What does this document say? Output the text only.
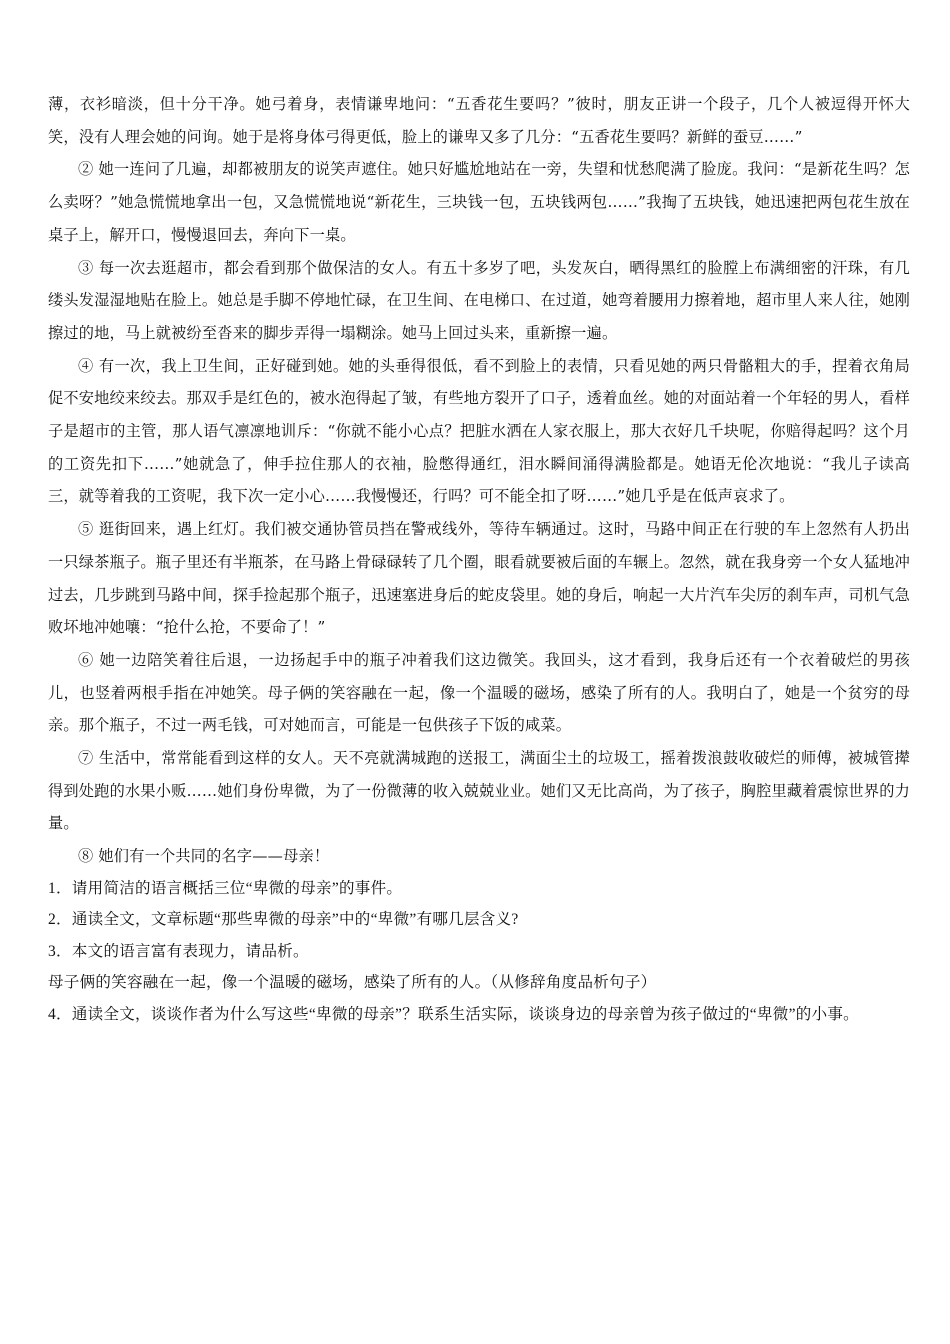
薄，衣衫暗淡，但十分干净。她弓着身，表情谦卑地问：“五香花生要吗？”彼时，朋友正讲一个段子，几个人被逗得开怀大笑，没有人理会她的问询。她于是将身体弓得更低，脸上的谦卑又多了几分：“五香花生要吗？新鲜的蚕豆……”

② 她一连问了几遍，却都被朋友的说笑声遮住。她只好尴尬地站在一旁，失望和忧愁爬满了脸庞。我问：“是新花生吗？怎么卖呀？”她急慌慌地拿出一包，又急慌慌地说“新花生，三块钱一包，五块钱两包……”我掏了五块钱，她迅速把两包花生放在桌子上，解开口，慢慢退回去，奔向下一桌。

③ 每一次去逛超市，都会看到那个做保洁的女人。有五十多岁了吧，头发灰白，晒得黑红的脸膛上布满细密的汗珠，有几缕头发湿湿地贴在脸上。她总是手脚不停地忙碌，在卫生间、在电梯口、在过道，她弯着腰用力擦着地，超市里人来人往，她刚擦过的地，马上就被纷至沓来的脚步弄得一塌糊涂。她马上回过头来，重新擦一遍。

④ 有一次，我上卫生间，正好碰到她。她的头垂得很低，看不到脸上的表情，只看见她的两只骨骼粗大的手，捏着衣角局促不安地绞来绞去。那双手是红色的，被水泡得起了皱，有些地方裂开了口子，透着血丝。她的对面站着一个年轻的男人，看样子是超市的主管，那人语气凛凛地训斥：“你就不能小心点？把脏水洒在人家衣服上，那大衣好几千块呢，你赔得起吗？这个月的工资先扣下……”她就急了，伸手拉住那人的衣袖，脸憋得通红，泪水瞬间涌得满脸都是。她语无伦次地说：“我儿子读高三，就等着我的工资呢，我下次一定小心……我慢慢还，行吗？可不能全扣了呀……”她几乎是在低声哀求了。

⑤ 逛街回来，遇上红灯。我们被交通协管员挡在警戒线外，等待车辆通过。这时，马路中间正在行驶的车上忽然有人扔出一只绿茶瓶子。瓶子里还有半瓶茶，在马路上骨碌碌转了几个圈，眼看就要被后面的车辗上。忽然，就在我身旁一个女人猛地冲过去，几步跳到马路中间，探手捡起那个瓶子，迅速塞进身后的蛇皮袋里。她的身后，响起一大片汽车尖厉的刹车声，司机气急败坏地冲她嚷：“抢什么抢，不要命了！”

⑥ 她一边陪笑着往后退，一边扬起手中的瓶子冲着我们这边微笑。我回头，这才看到，我身后还有一个衣着破烂的男孩儿，也竖着两根手指在冲她笑。母子俩的笑容融在一起，像一个温暖的磁场，感染了所有的人。我明白了，她是一个贫穷的母亲。那个瓶子，不过一两毛钱，可对她而言，可能是一包供孩子下饭的咸菜。

⑦ 生活中，常常能看到这样的女人。天不亮就满城跑的送报工，满面尘土的垃圾工，摇着拨浪鼓收破烂的师傅，被城管撵得到处跑的水果小贩……她们身份卑微，为了一份微薄的收入兢兢业业。她们又无比高尚，为了孩子，胸腔里藏着震惊世界的力量。

⑧ 她们有一个共同的名字——母亲！

1．请用简洁的语言概括三位“卑微的母亲”的事件。

2．通读全文，文章标题“那些卑微的母亲”中的“卑微”有哪几层含义?

3．本文的语言富有表现力，请品析。

母子俩的笑容融在一起，像一个温暖的磁场，感染了所有的人。（从修辞角度品析句子）

4．通读全文，谈谈作者为什么写这些“卑微的母亲”？联系生活实际，谈谈身边的母亲曾为孩子做过的“卑微”的小事。
